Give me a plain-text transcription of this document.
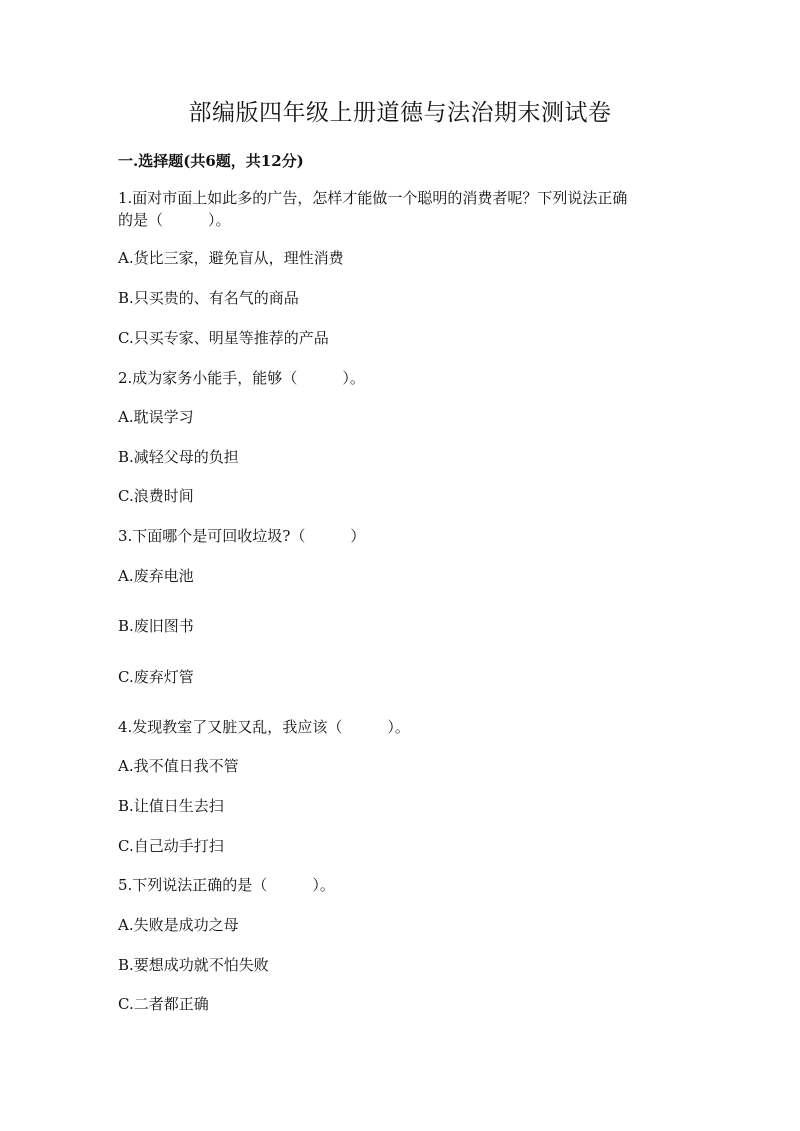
部编版四年级上册道德与法治期末测试卷

一.选择题(共6题，共12分)

1.面对市面上如此多的广告，怎样才能做一个聪明的消费者呢？下列说法正确

的是（　　　）。

A.货比三家，避免盲从，理性消费

B.只买贵的、有名气的商品

C.只买专家、明星等推荐的产品

2.成为家务小能手，能够（　　　）。

A.耽误学习

B.减轻父母的负担

C.浪费时间

3.下面哪个是可回收垃圾?（　　　）

A.废弃电池

B.废旧图书

C.废弃灯管

4.发现教室了又脏又乱，我应该（　　　）。

A.我不值日我不管

B.让值日生去扫

C.自己动手打扫

5.下列说法正确的是（　　　）。

A.失败是成功之母

B.要想成功就不怕失败

C.二者都正确
